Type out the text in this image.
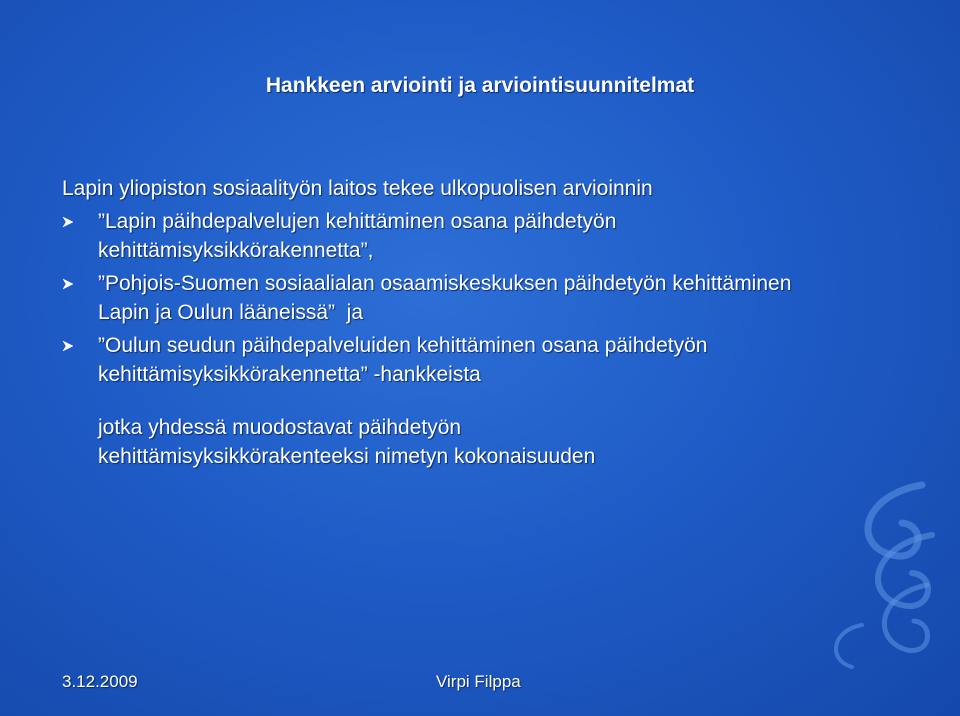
Hankkeen arviointi ja arviointisuunnitelmat
Lapin yliopiston sosiaalityön laitos tekee ulkopuolisen arvioinnin
”Lapin päihdepalvelujen kehittäminen osana päihdetyön
kehittämisyksikkörakennetta”,
”Pohjois-Suomen sosiaalialan osaamiskeskuksen päihdetyön kehittäminen
Lapin ja Oulun lääneissä”  ja
”Oulun seudun päihdepalveluiden kehittäminen osana päihdetyön
kehittämisyksikkörakennetta” -hankkeista
jotka yhdessä muodostavat päihdetyön
kehittämisyksikkörakenteeksi nimetyn kokonaisuuden
3.12.2009	Virpi Filppa
